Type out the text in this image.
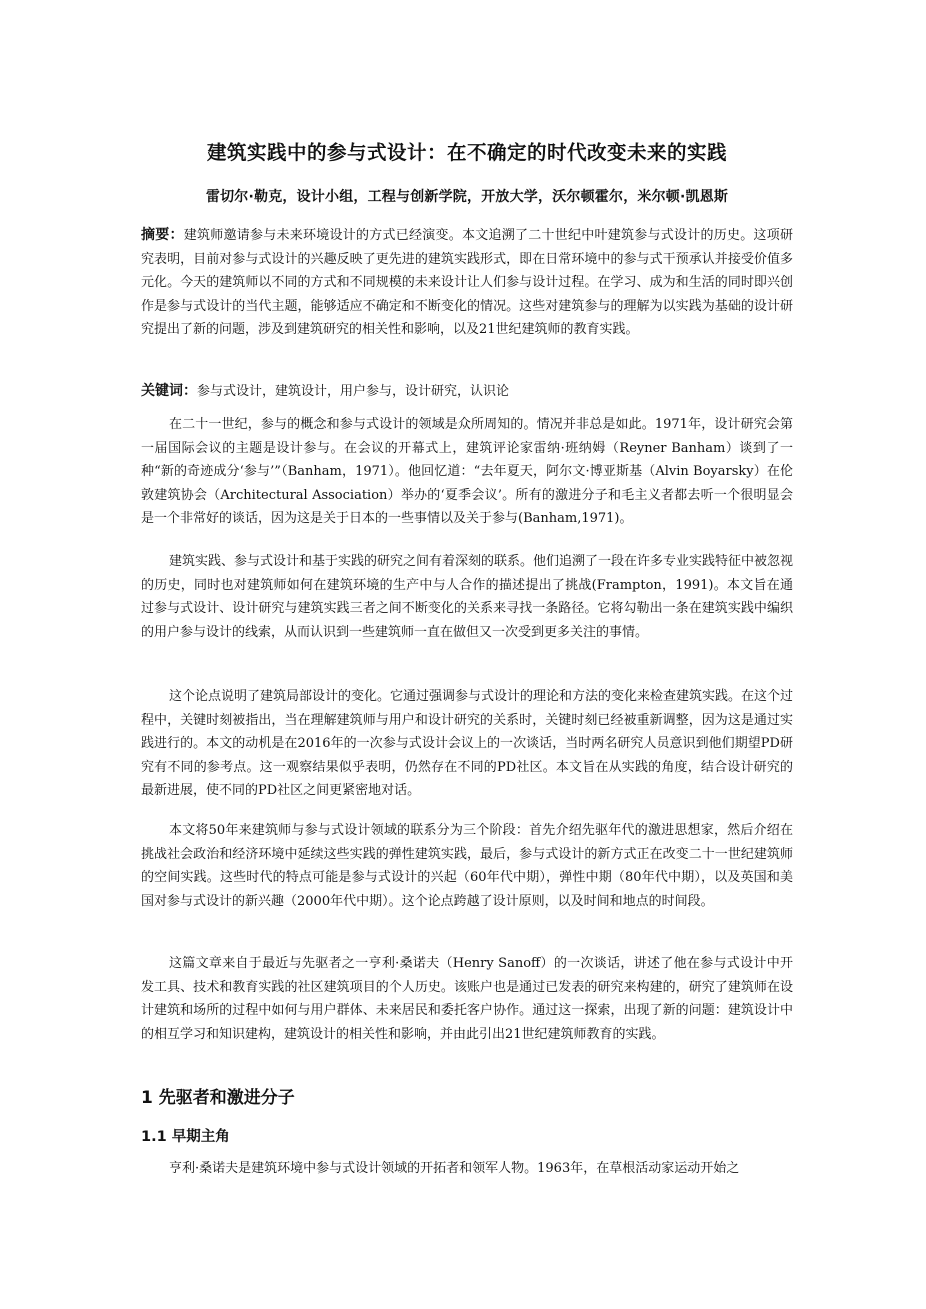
建筑实践中的参与式设计：在不确定的时代改变未来的实践
雷切尔·勒克，设计小组，工程与创新学院，开放大学，沃尔顿霍尔，米尔顿·凯恩斯
摘要：建筑师邀请参与未来环境设计的方式已经演变。本文追溯了二十世纪中叶建筑参与式设计的历史。这项研究表明，目前对参与式设计的兴趣反映了更先进的建筑实践形式，即在日常环境中的参与式干预承认并接受价值多元化。今天的建筑师以不同的方式和不同规模的未来设计让人们参与设计过程。在学习、成为和生活的同时即兴创作是参与式设计的当代主题，能够适应不确定和不断变化的情况。这些对建筑参与的理解为以实践为基础的设计研究提出了新的问题，涉及到建筑研究的相关性和影响，以及21世纪建筑师的教育实践。
关键词：参与式设计，建筑设计，用户参与，设计研究，认识论
在二十一世纪，参与的概念和参与式设计的领域是众所周知的。情况并非总是如此。1971年，设计研究会第一届国际会议的主题是设计参与。在会议的开幕式上，建筑评论家雷纳·班纳姆（Reyner Banham）谈到了一种“新的奇迹成分‘参与’”（Banham，1971）。他回忆道：“去年夏天，阿尔文·博亚斯基（Alvin Boyarsky）在伦敦建筑协会（Architectural Association）举办的‘夏季会议’。所有的激进分子和毛主义者都去听一个很明显会是一个非常好的谈话，因为这是关于日本的一些事情以及关于参与(Banham,1971)。
建筑实践、参与式设计和基于实践的研究之间有着深刻的联系。他们追溯了一段在许多专业实践特征中被忽视的历史，同时也对建筑师如何在建筑环境的生产中与人合作的描述提出了挑战(Frampton，1991)。本文旨在通过参与式设计、设计研究与建筑实践三者之间不断变化的关系来寻找一条路径。它将勾勒出一条在建筑实践中编织的用户参与设计的线索，从而认识到一些建筑师一直在做但又一次受到更多关注的事情。
这个论点说明了建筑局部设计的变化。它通过强调参与式设计的理论和方法的变化来检查建筑实践。在这个过程中，关键时刻被指出，当在理解建筑师与用户和设计研究的关系时，关键时刻已经被重新调整，因为这是通过实践进行的。本文的动机是在2016年的一次参与式设计会议上的一次谈话，当时两名研究人员意识到他们期望PD研究有不同的参考点。这一观察结果似乎表明，仍然存在不同的PD社区。本文旨在从实践的角度，结合设计研究的最新进展，使不同的PD社区之间更紧密地对话。
本文将50年来建筑师与参与式设计领域的联系分为三个阶段：首先介绍先驱年代的激进思想家，然后介绍在挑战社会政治和经济环境中延续这些实践的弹性建筑实践，最后，参与式设计的新方式正在改变二十一世纪建筑师的空间实践。这些时代的特点可能是参与式设计的兴起（60年代中期），弹性中期（80年代中期），以及英国和美国对参与式设计的新兴趣（2000年代中期）。这个论点跨越了设计原则，以及时间和地点的时间段。
这篇文章来自于最近与先驱者之一亨利·桑诺夫（Henry Sanoff）的一次谈话，讲述了他在参与式设计中开发工具、技术和教育实践的社区建筑项目的个人历史。该账户也是通过已发表的研究来构建的，研究了建筑师在设计建筑和场所的过程中如何与用户群体、未来居民和委托客户协作。通过这一探索，出现了新的问题：建筑设计中的相互学习和知识建构，建筑设计的相关性和影响，并由此引出21世纪建筑师教育的实践。
1 先驱者和激进分子
1.1 早期主角
亨利·桑诺夫是建筑环境中参与式设计领域的开拓者和领军人物。1963年，在草根活动家运动开始之
